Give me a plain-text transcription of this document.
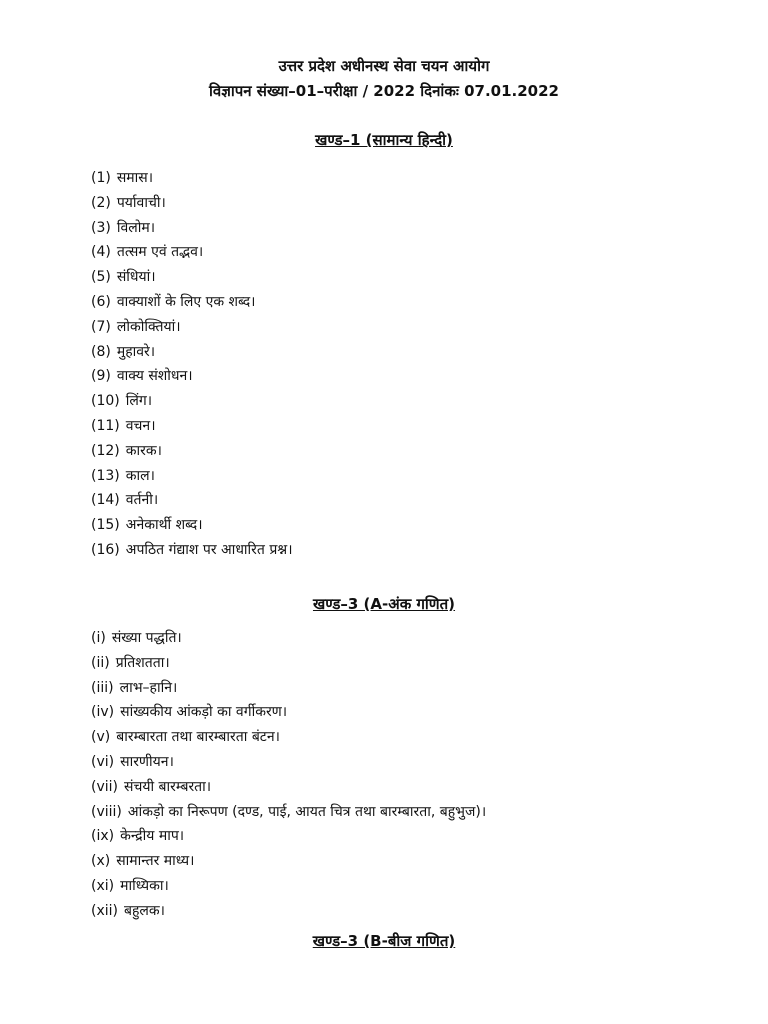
उत्तर प्रदेश अधीनस्थ सेवा चयन आयोग
विज्ञापन संख्या–01–परीक्षा / 2022 दिनांकः 07.01.2022
खण्ड–1 (सामान्य हिन्दी)
(1) समास।
(2) पर्यावाची।
(3) विलोम।
(4) तत्सम एवं तद्भव।
(5) संधियां।
(6) वाक्याशों के लिए एक शब्द।
(7) लोकोक्तियां।
(8) मुहावरे।
(9) वाक्य संशोधन।
(10) लिंग।
(11) वचन।
(12) कारक।
(13) काल।
(14) वर्तनी।
(15) अनेकार्थी शब्द।
(16) अपठित गंद्याश पर आधारित प्रश्न।
खण्ड–3 (A-अंक गणित)
(i) संख्या पद्धति।
(ii) प्रतिशतता।
(iii) लाभ–हानि।
(iv) सांख्यकीय आंकड़ो का वर्गीकरण।
(v) बारम्बारता तथा बारम्बारता बंटन।
(vi) सारणीयन।
(vii) संचयी बारम्बरता।
(viii) आंकड़ो का निरूपण (दण्ड, पाई, आयत चित्र तथा बारम्बारता, बहुभुज)।
(ix) केन्द्रीय माप।
(x) सामान्तर माध्य।
(xi) माध्यिका।
(xii) बहुलक।
खण्ड–3 (B-बीज गणित)
